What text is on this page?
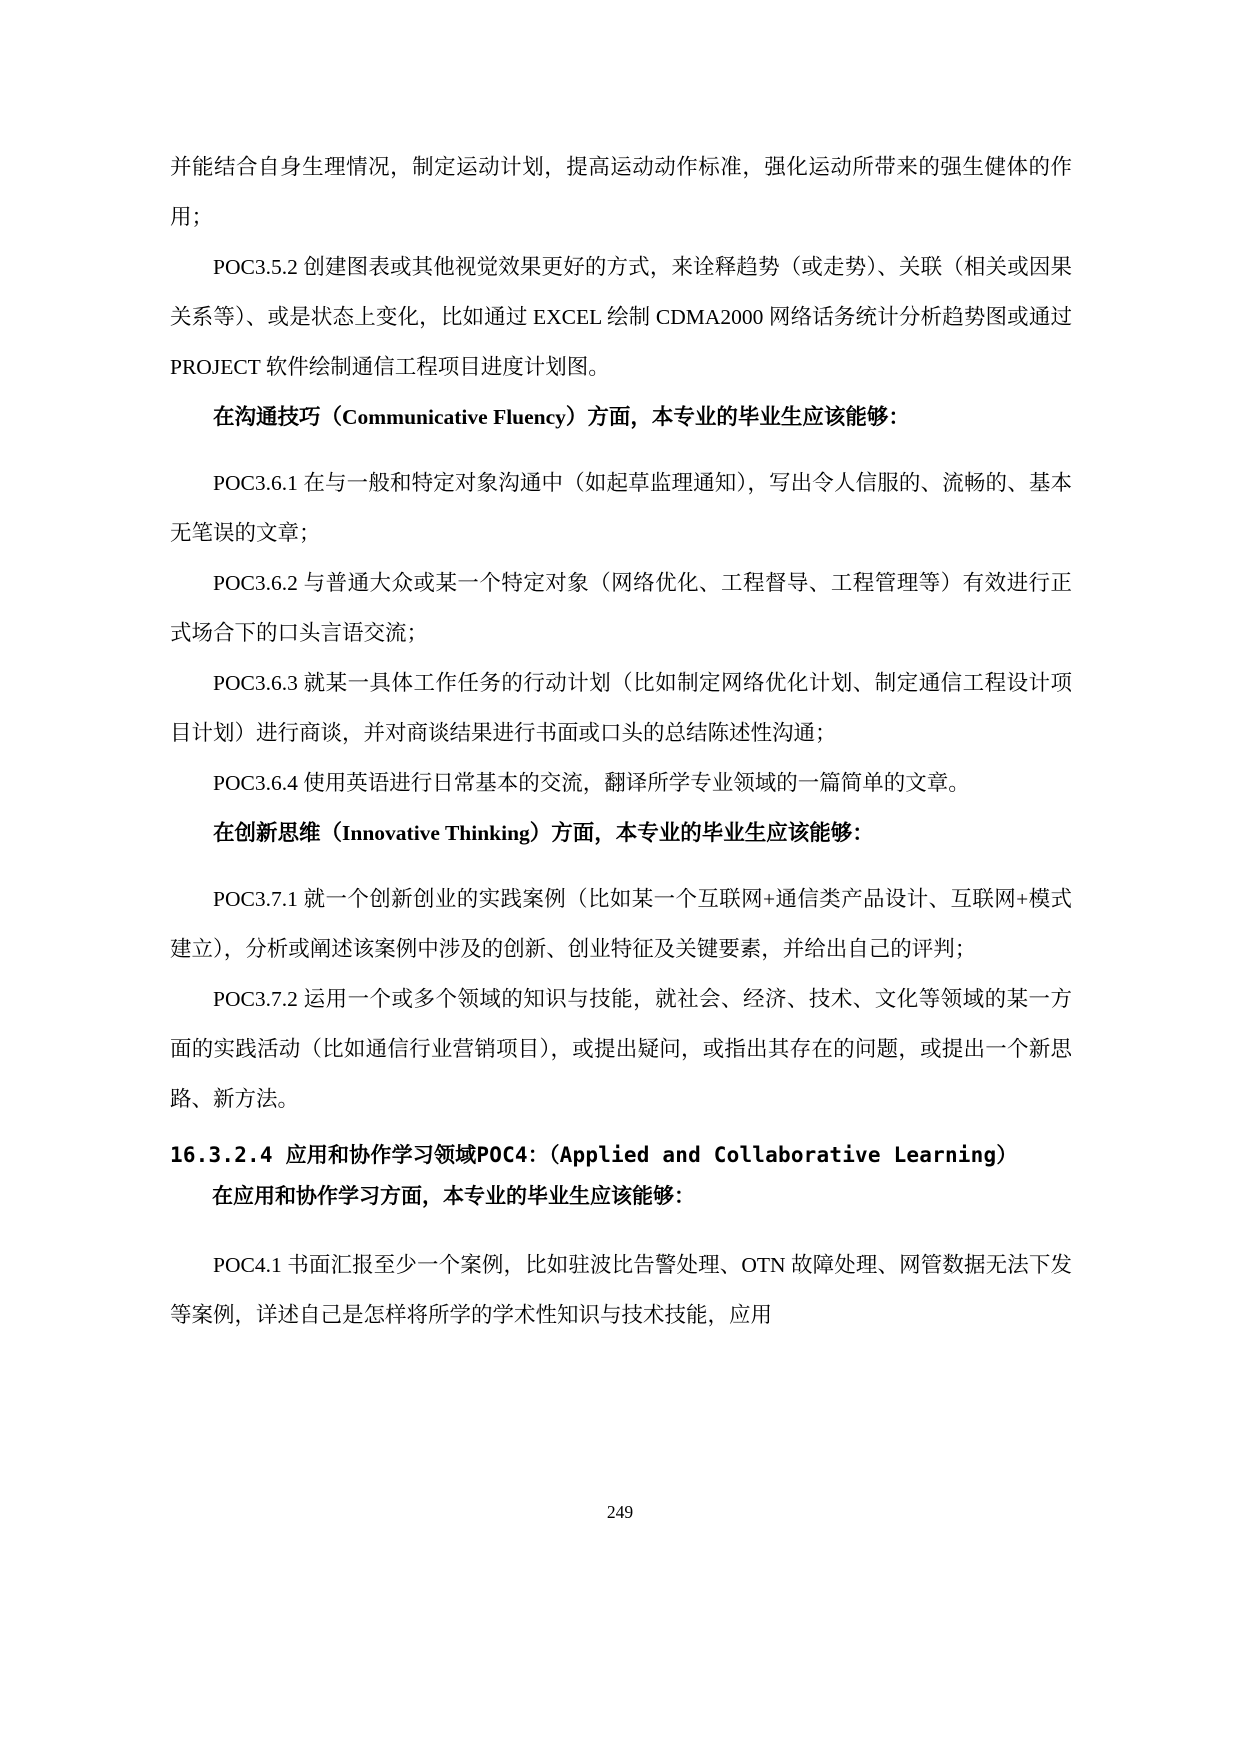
并能结合自身生理情况，制定运动计划，提高运动动作标准，强化运动所带来的强生健体的作用；

POC3.5.2 创建图表或其他视觉效果更好的方式，来诠释趋势（或走势）、关联（相关或因果关系等）、或是状态上变化，比如通过 EXCEL 绘制 CDMA2000 网络话务统计分析趋势图或通过 PROJECT 软件绘制通信工程项目进度计划图。

在沟通技巧（Communicative Fluency）方面，本专业的毕业生应该能够：

POC3.6.1 在与一般和特定对象沟通中（如起草监理通知），写出令人信服的、流畅的、基本无笔误的文章；

POC3.6.2 与普通大众或某一个特定对象（网络优化、工程督导、工程管理等）有效进行正式场合下的口头言语交流；

POC3.6.3 就某一具体工作任务的行动计划（比如制定网络优化计划、制定通信工程设计项目计划）进行商谈，并对商谈结果进行书面或口头的总结陈述性沟通；

POC3.6.4 使用英语进行日常基本的交流，翻译所学专业领域的一篇简单的文章。

在创新思维（Innovative Thinking）方面，本专业的毕业生应该能够：

POC3.7.1 就一个创新创业的实践案例（比如某一个互联网+通信类产品设计、互联网+模式建立），分析或阐述该案例中涉及的创新、创业特征及关键要素，并给出自己的评判；

POC3.7.2 运用一个或多个领域的知识与技能，就社会、经济、技术、文化等领域的某一方面的实践活动（比如通信行业营销项目），或提出疑问，或指出其存在的问题，或提出一个新思路、新方法。

16.3.2.4 应用和协作学习领域POC4：（Applied and Collaborative Learning）

在应用和协作学习方面，本专业的毕业生应该能够：

POC4.1 书面汇报至少一个案例，比如驻波比告警处理、OTN 故障处理、网管数据无法下发等案例，详述自己是怎样将所学的学术性知识与技术技能，应用

249
